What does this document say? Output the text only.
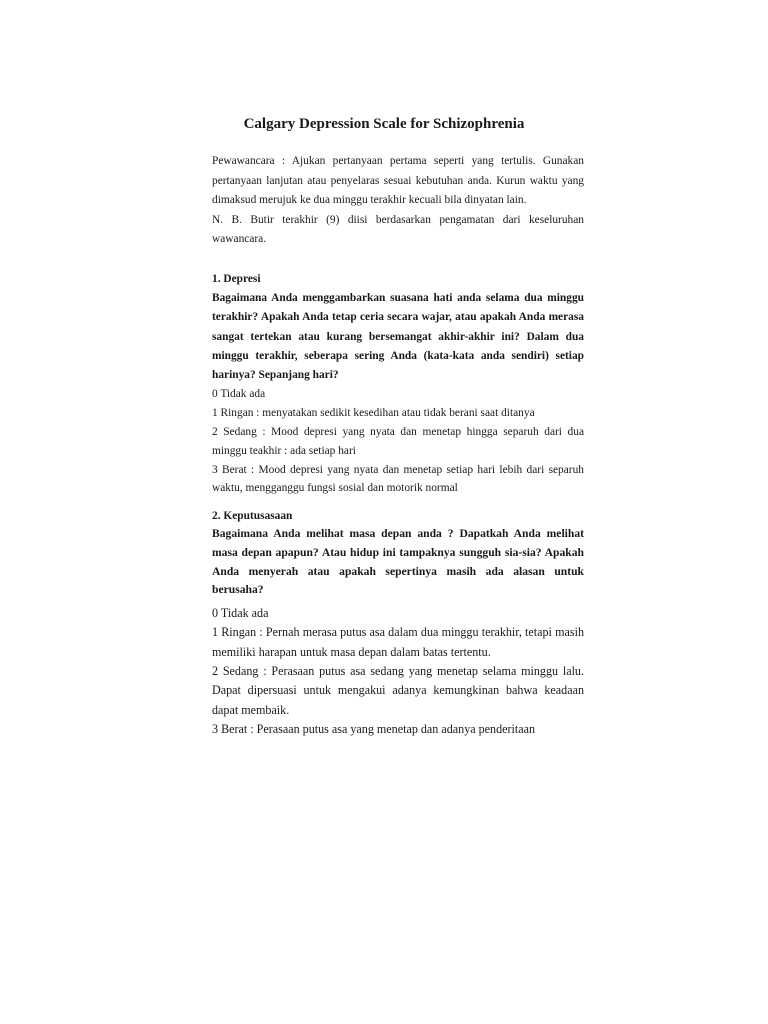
Calgary Depression Scale for Schizophrenia

Pewawancara : Ajukan pertanyaan pertama seperti yang tertulis. Gunakan pertanyaan lanjutan atau penyelaras sesuai kebutuhan anda. Kurun waktu yang dimaksud merujuk ke dua minggu terakhir kecuali bila dinyatan lain.

N. B. Butir terakhir (9) diisi berdasarkan pengamatan dari keseluruhan wawancara.

1. Depresi

Bagaimana Anda menggambarkan suasana hati anda selama dua minggu terakhir? Apakah Anda tetap ceria secara wajar, atau apakah Anda merasa sangat tertekan atau kurang bersemangat akhir-akhir ini? Dalam dua minggu terakhir, seberapa sering Anda (kata-kata anda sendiri) setiap harinya? Sepanjang hari?

0 Tidak ada

1 Ringan : menyatakan sedikit kesedihan atau tidak berani saat ditanya

2 Sedang : Mood depresi yang nyata dan menetap hingga separuh dari dua minggu teakhir : ada setiap hari

3 Berat : Mood depresi yang nyata dan menetap setiap hari lebih dari separuh waktu, mengganggu fungsi sosial dan motorik normal

2. Keputusasaan

Bagaimana Anda melihat masa depan anda ? Dapatkah Anda melihat masa depan apapun? Atau hidup ini tampaknya sungguh sia-sia? Apakah Anda menyerah atau apakah sepertinya masih ada alasan untuk berusaha?

0 Tidak ada

1 Ringan : Pernah merasa putus asa dalam dua minggu terakhir, tetapi masih memiliki harapan untuk masa depan dalam batas tertentu.

2 Sedang : Perasaan putus asa sedang yang menetap selama minggu lalu. Dapat dipersuasi untuk mengakui adanya kemungkinan bahwa keadaan dapat membaik.

3 Berat : Perasaan putus asa yang menetap dan adanya penderitaan
